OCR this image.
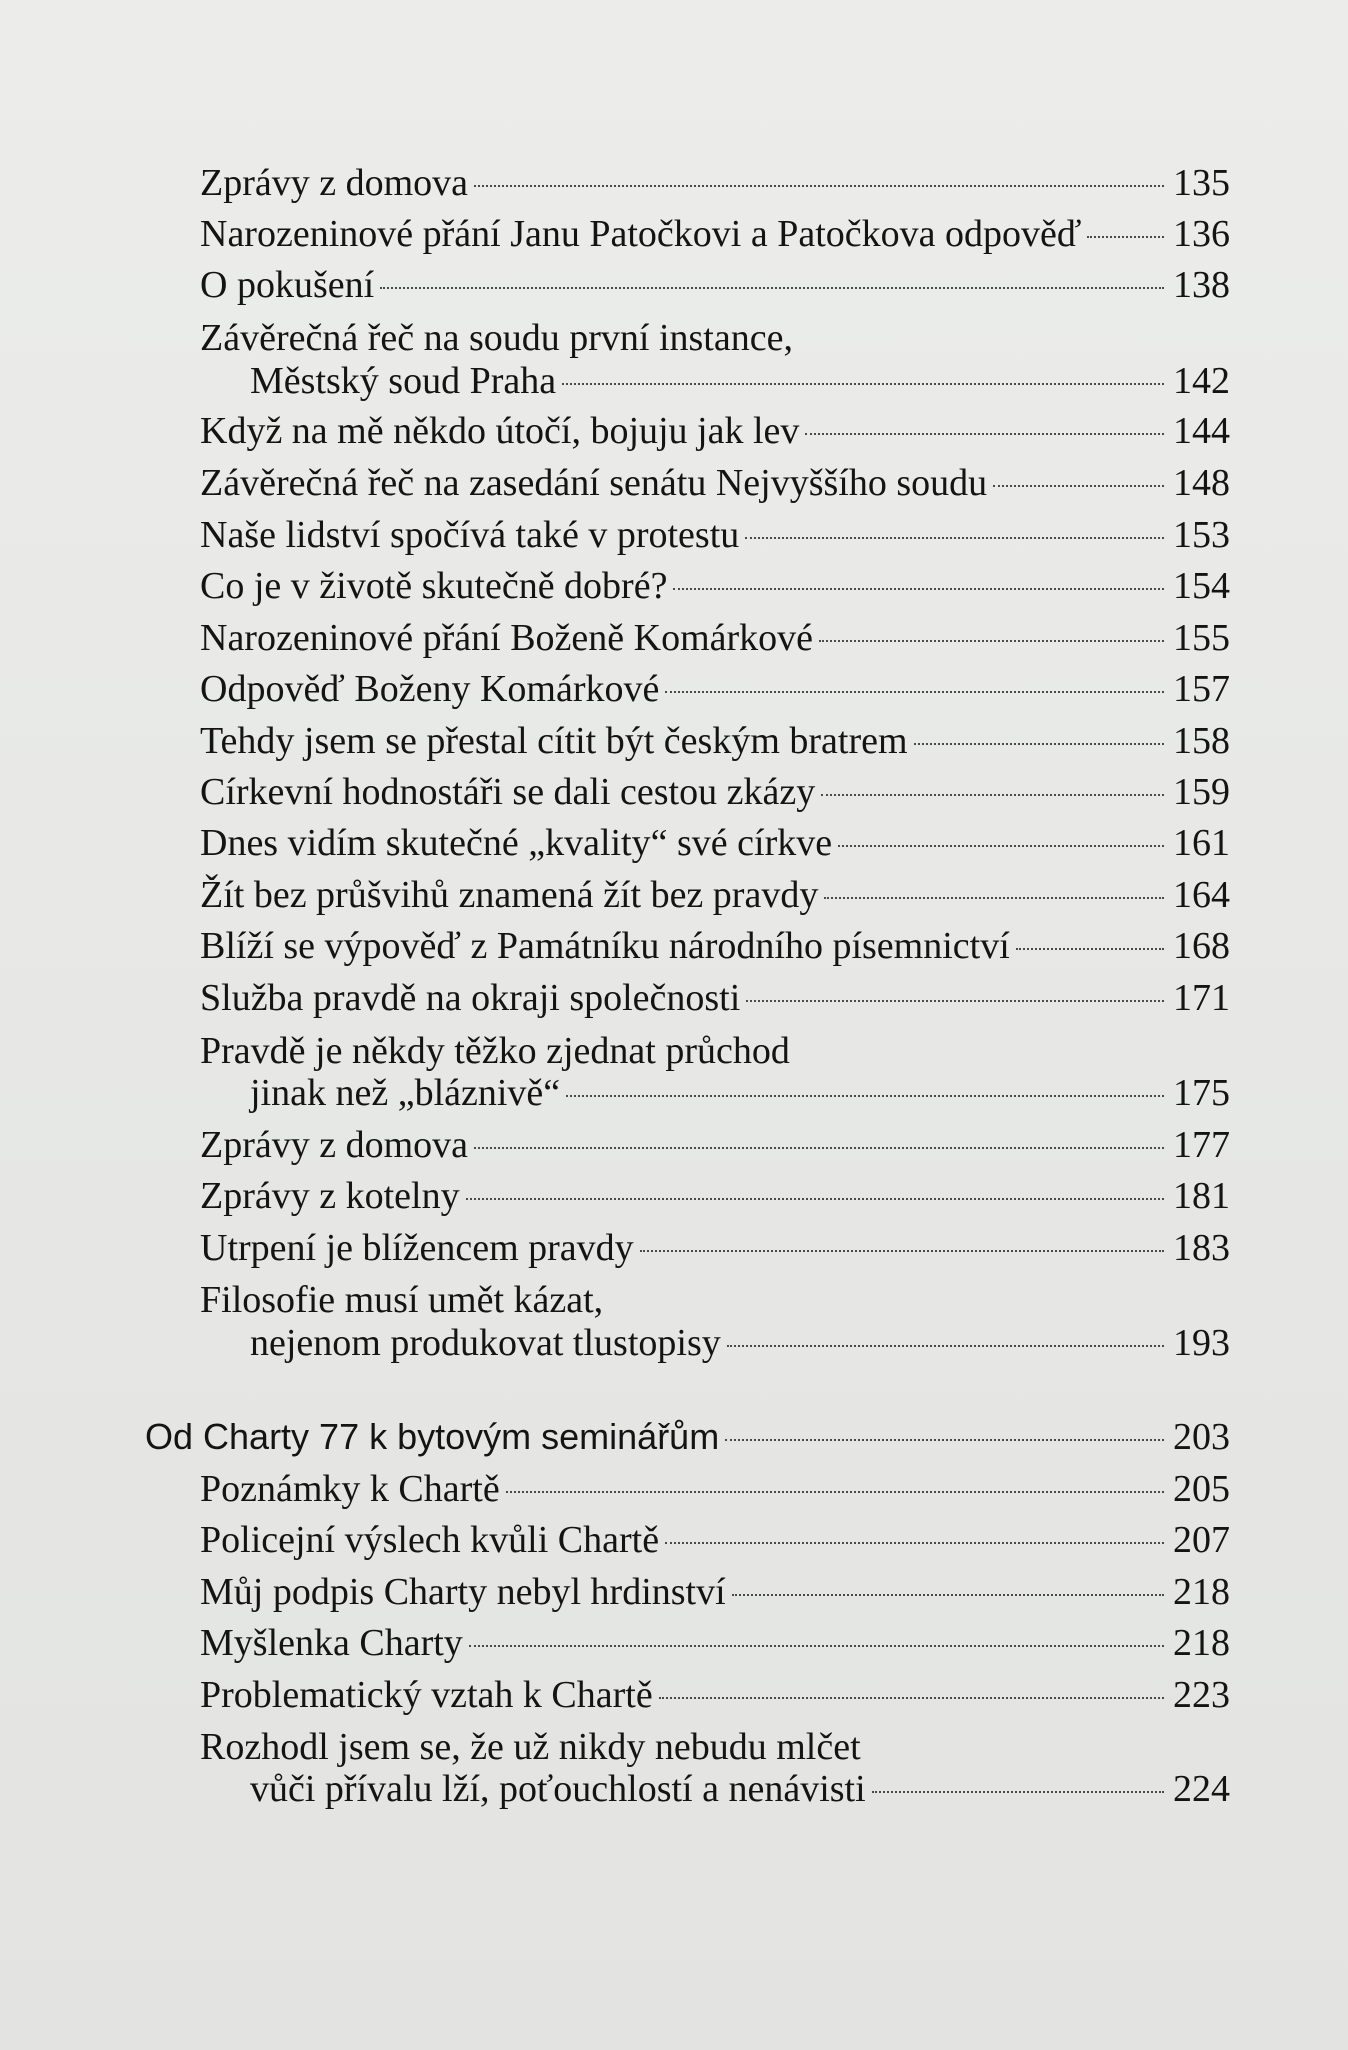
Zprávy z domova	135
Narozeninové přání Janu Patočkovi a Patočkova odpověď 136
O pokušení	138
Závěrečná řeč na soudu první instance,
Městský soud Praha	142
Když na mě někdo útočí, bojuju jak lev	144
Závěrečná řeč na zasedání senátu Nejvyššího soudu	148
Naše lidství spočívá také v protestu	153
Co je v životě skutečně dobré?	154
Narozeninové přání Boženě Komárkové	155
Odpověď Boženy Komárkové	157
Tehdy jsem se přestal cítit být českým bratrem	158
Církevní hodnostáři se dali cestou zkázy	159
Dnes vidím skutečné „kvality“ své církve	161
Žít bez průšvihů znamená žít bez pravdy	164
Blíží se výpověď z Památníku národního písemnictví	168
Služba pravdě na okraji společnosti	171
Pravdě je někdy těžko zjednat průchod
jinak než „bláznivě“	175
Zprávy z domova	177
Zprávy z kotelny	181
Utrpení je blížencem pravdy	183
Filosofie musí umět kázat,
nejenom produkovat tlustopisy	193
Od Charty 77 k bytovým seminářům	203
Poznámky k Chartě	205
Policejní výslech kvůli Chartě	207
Můj podpis Charty nebyl hrdinství	218
Myšlenka Charty	218
Problematický vztah k Chartě	223
Rozhodl jsem se, že už nikdy nebudu mlčet
vůči přívalu lží, poťouchlostí a nenávisti	224
